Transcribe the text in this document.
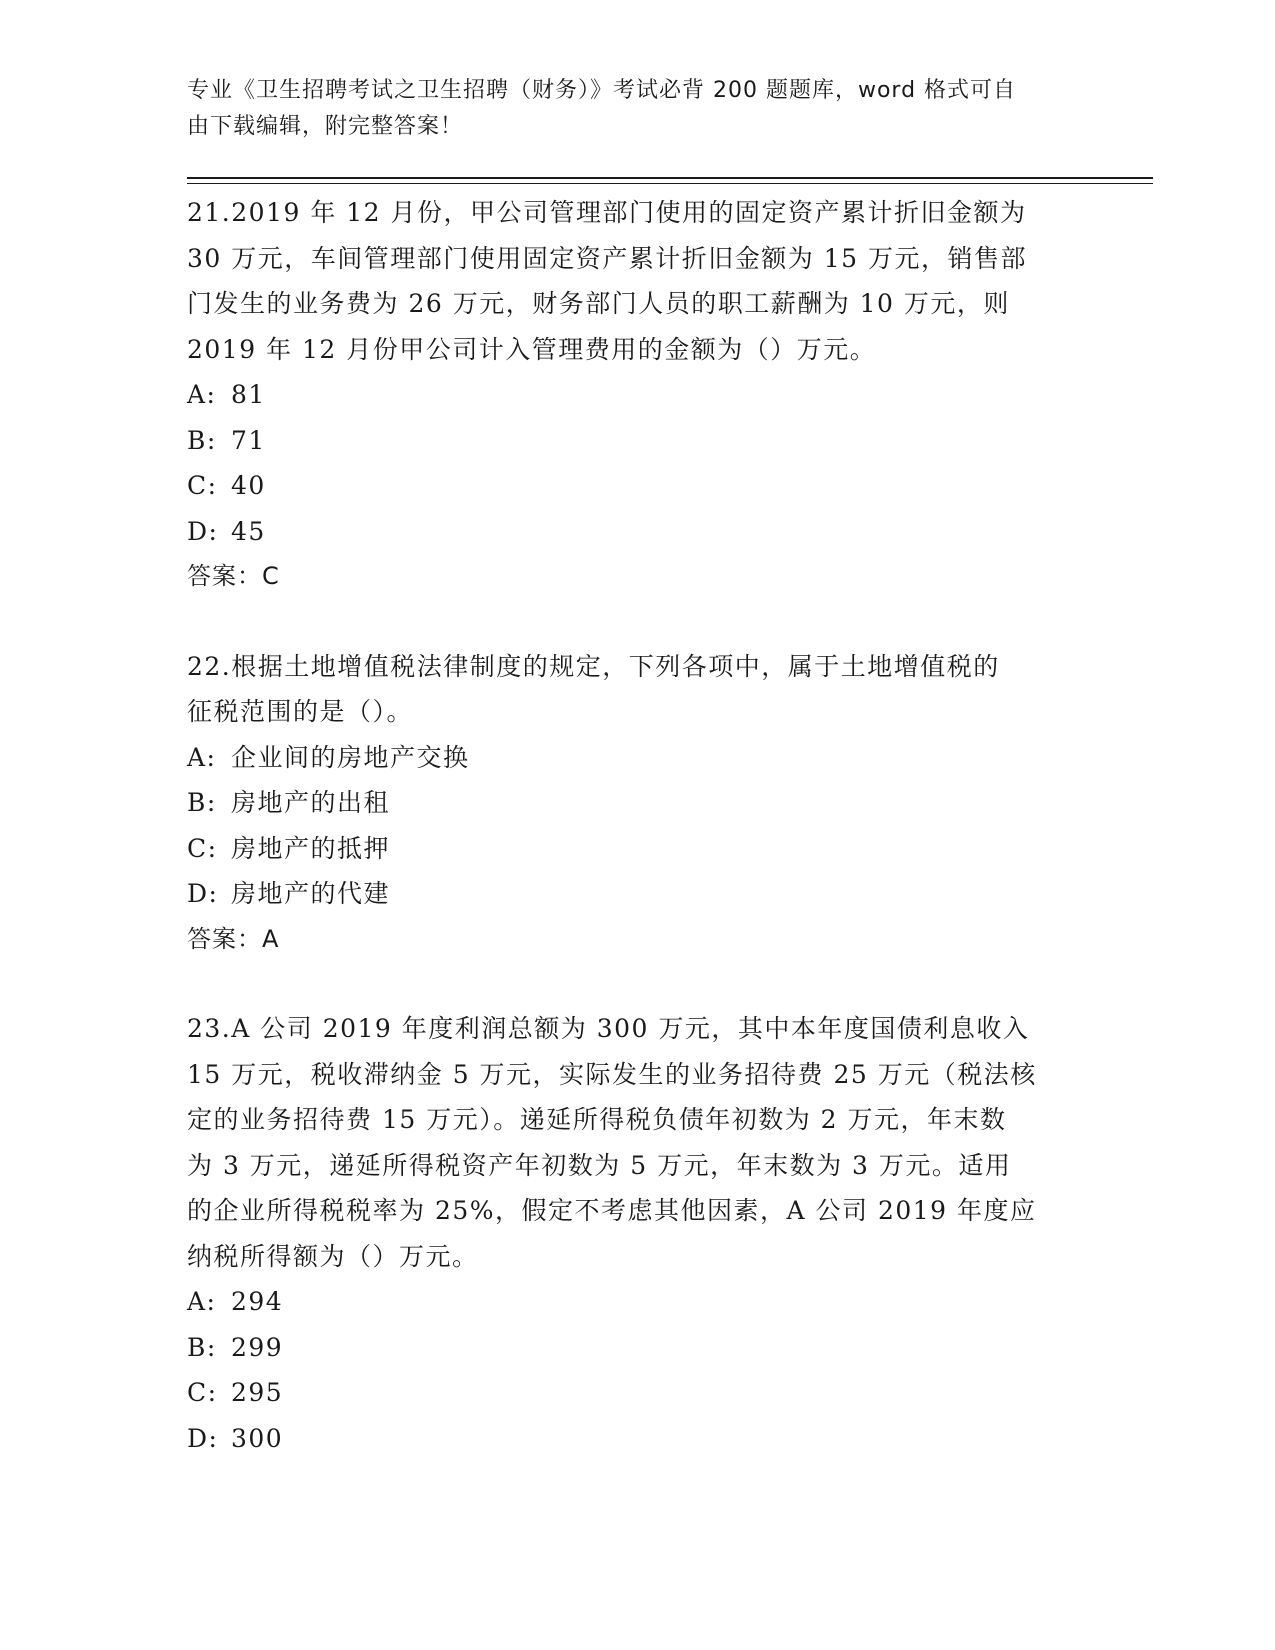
专业《卫生招聘考试之卫生招聘（财务）》考试必背 200 题题库，word 格式可自
由下载编辑，附完整答案！
21.2019 年 12 月份，甲公司管理部门使用的固定资产累计折旧金额为
30 万元，车间管理部门使用固定资产累计折旧金额为 15 万元，销售部
门发生的业务费为 26 万元，财务部门人员的职工薪酬为 10 万元，则
2019 年 12 月份甲公司计入管理费用的金额为（）万元。
A: 81
B: 71
C: 40
D: 45
答案：C
22.根据土地增值税法律制度的规定，下列各项中，属于土地增值税的
征税范围的是（）。
A: 企业间的房地产交换
B: 房地产的出租
C: 房地产的抵押
D: 房地产的代建
答案：A
23.A 公司 2019 年度利润总额为 300 万元，其中本年度国债利息收入
15 万元，税收滞纳金 5 万元，实际发生的业务招待费 25 万元（税法核
定的业务招待费 15 万元）。递延所得税负债年初数为 2 万元，年末数
为 3 万元，递延所得税资产年初数为 5 万元，年末数为 3 万元。适用
的企业所得税税率为 25%，假定不考虑其他因素，A 公司 2019 年度应
纳税所得额为（）万元。
A: 294
B: 299
C: 295
D: 300
